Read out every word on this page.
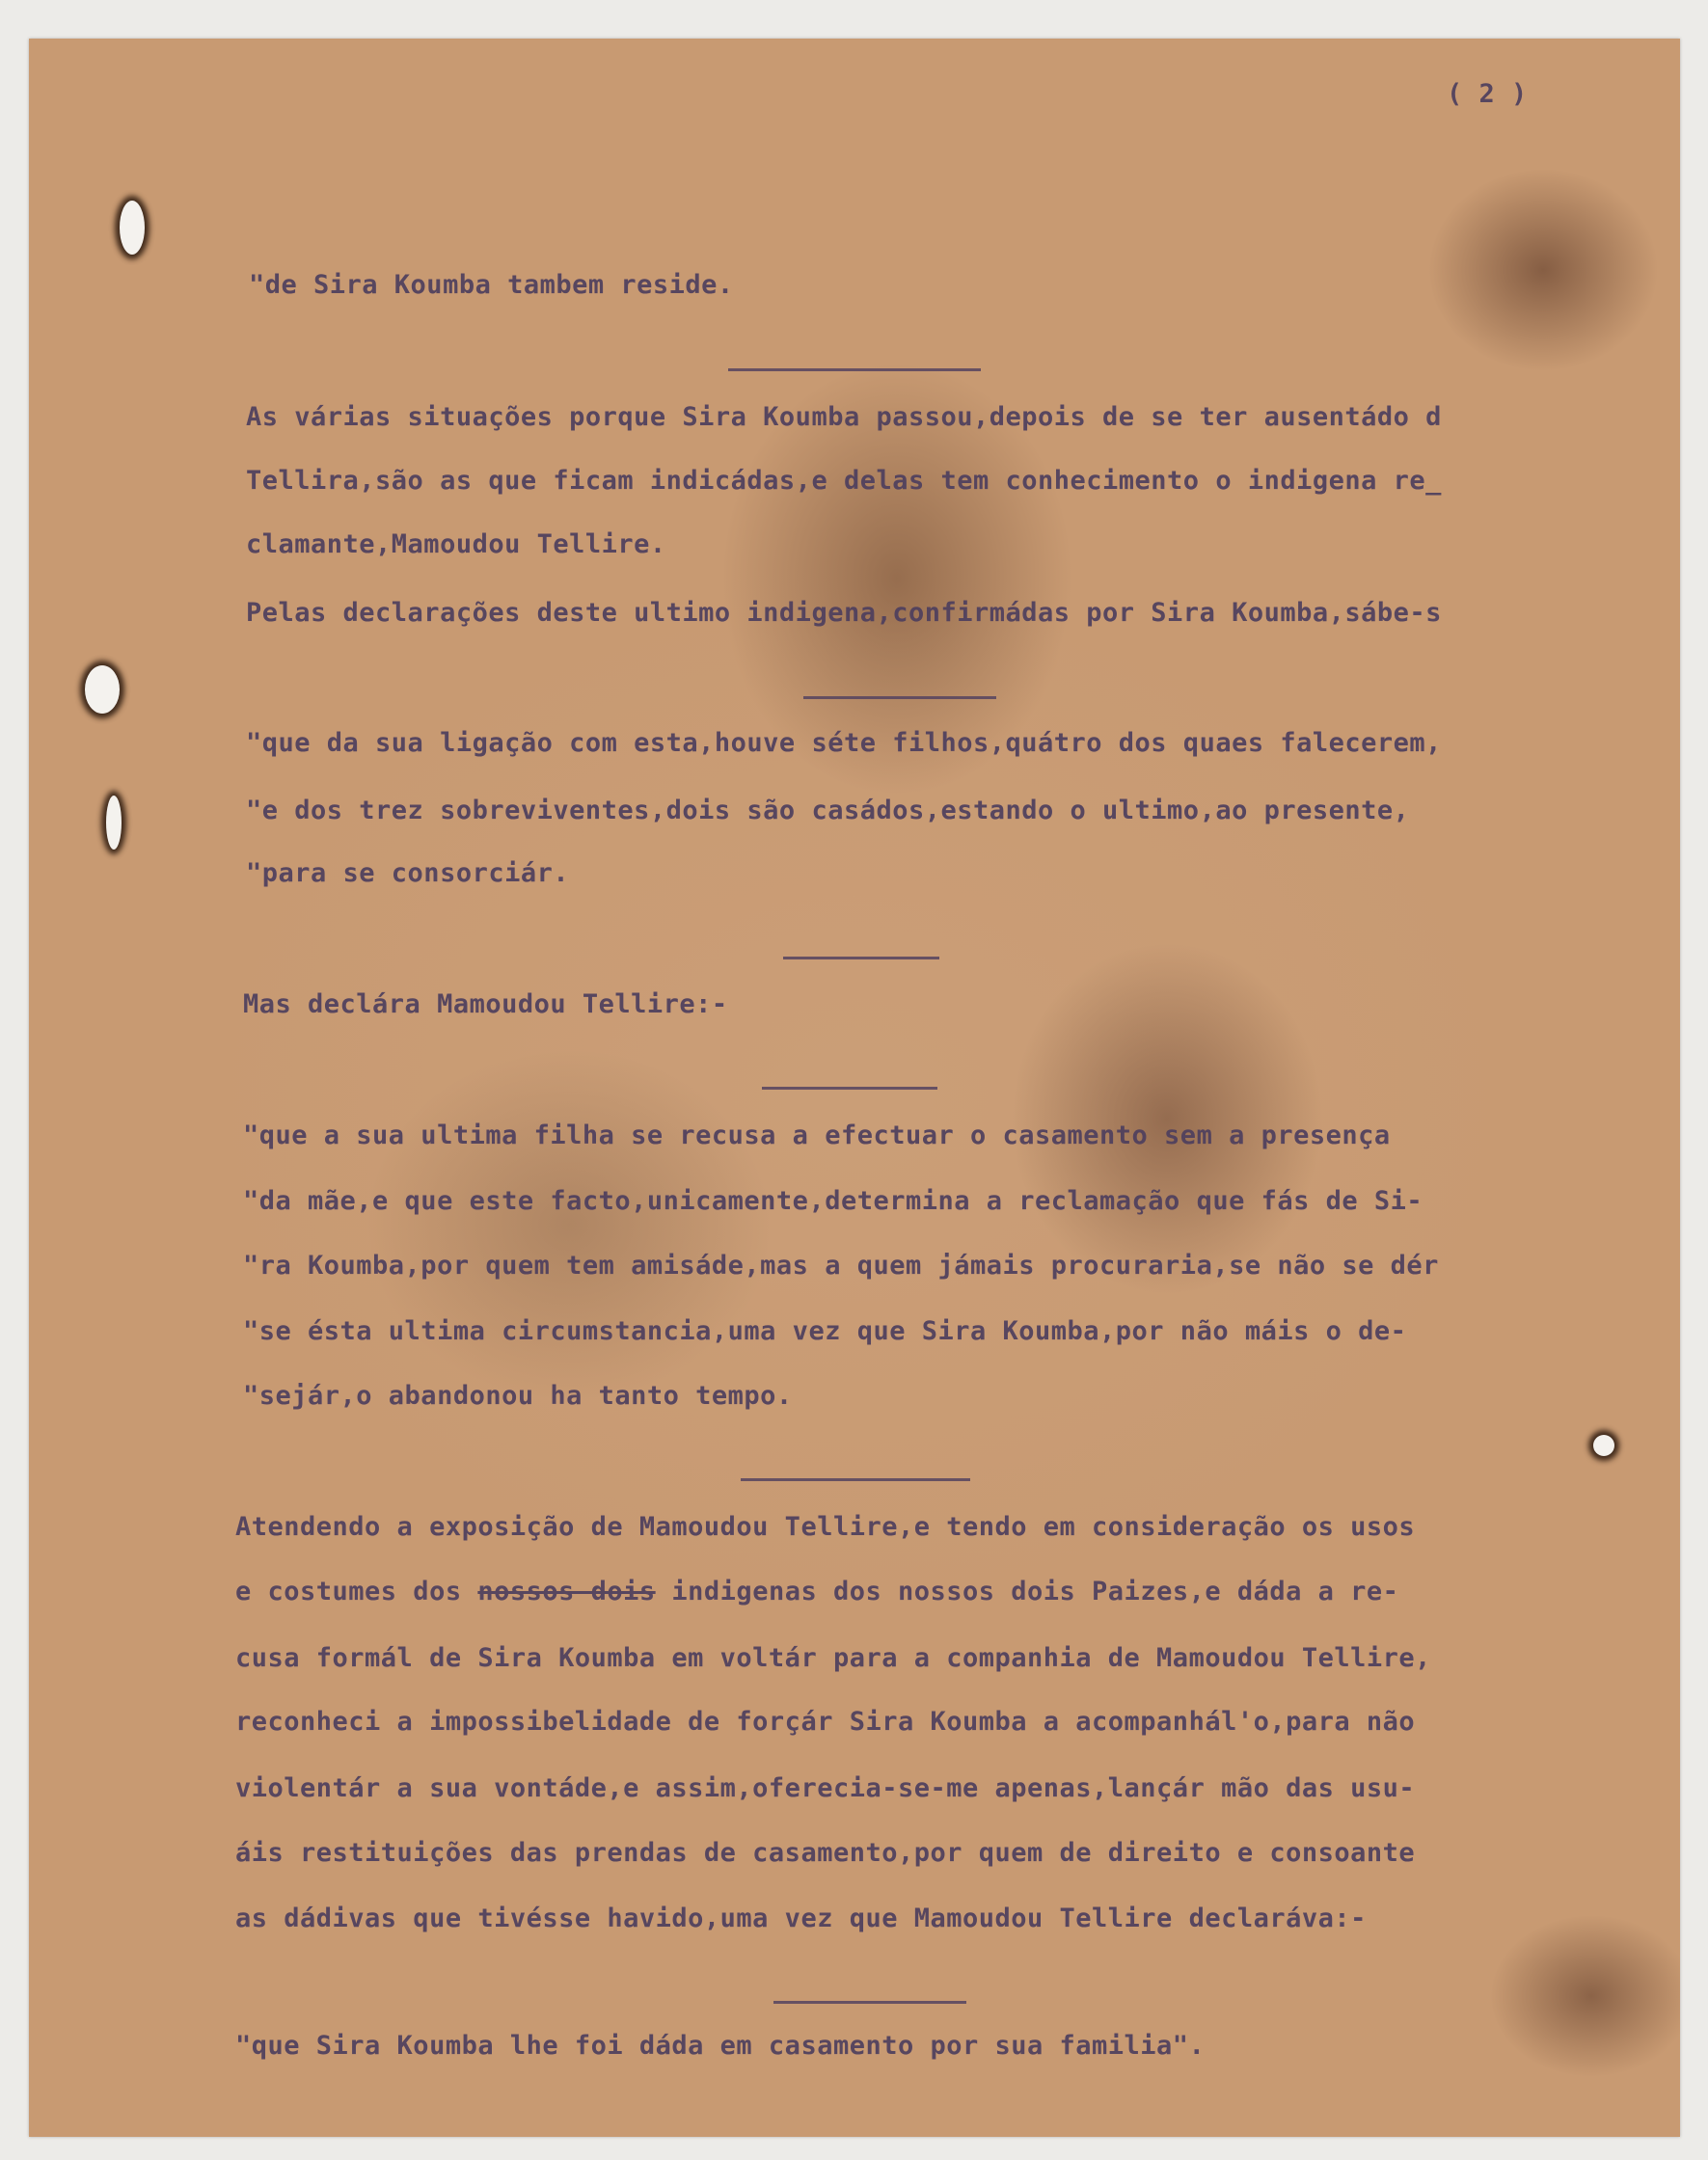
( 2 )
"de Sira Koumba tambem reside.
As várias situações porque Sira Koumba passou,depois de se ter ausentádo d
Tellira,são as que ficam indicádas,e delas tem conhecimento o indigena re_
clamante,Mamoudou Tellire.
Pelas declarações deste ultimo indigena,confirmádas por Sira Koumba,sábe-s
"que da sua ligação com esta,houve séte filhos,quátro dos quaes falecerem,
"e dos trez sobreviventes,dois são casádos,estando o ultimo,ao presente,
"para se consorciár.
Mas declára Mamoudou Tellire:-
"que a sua ultima filha se recusa a efectuar o casamento sem a presença
"da mãe,e que este facto,unicamente,determina a reclamação que fás de Si-
"ra Koumba,por quem tem amisáde,mas a quem jámais procuraria,se não se dér
"se ésta ultima circumstancia,uma vez que Sira Koumba,por não máis o de-
"sejár,o abandonou ha tanto tempo.
Atendendo a exposição de Mamoudou Tellire,e tendo em consideração os usos
e costumes dos nossos dois indigenas dos nossos dois Paizes,e dáda a re-
cusa formál de Sira Koumba em voltár para a companhia de Mamoudou Tellire,
reconheci a impossibelidade de forçár Sira Koumba a acompanhál'o,para não
violentár a sua vontáde,e assim,oferecia-se-me apenas,lançár mão das usu-
áis restituições das prendas de casamento,por quem de direito e consoante
as dádivas que tivésse havido,uma vez que Mamoudou Tellire declaráva:-
"que Sira Koumba lhe foi dáda em casamento por sua familia".
